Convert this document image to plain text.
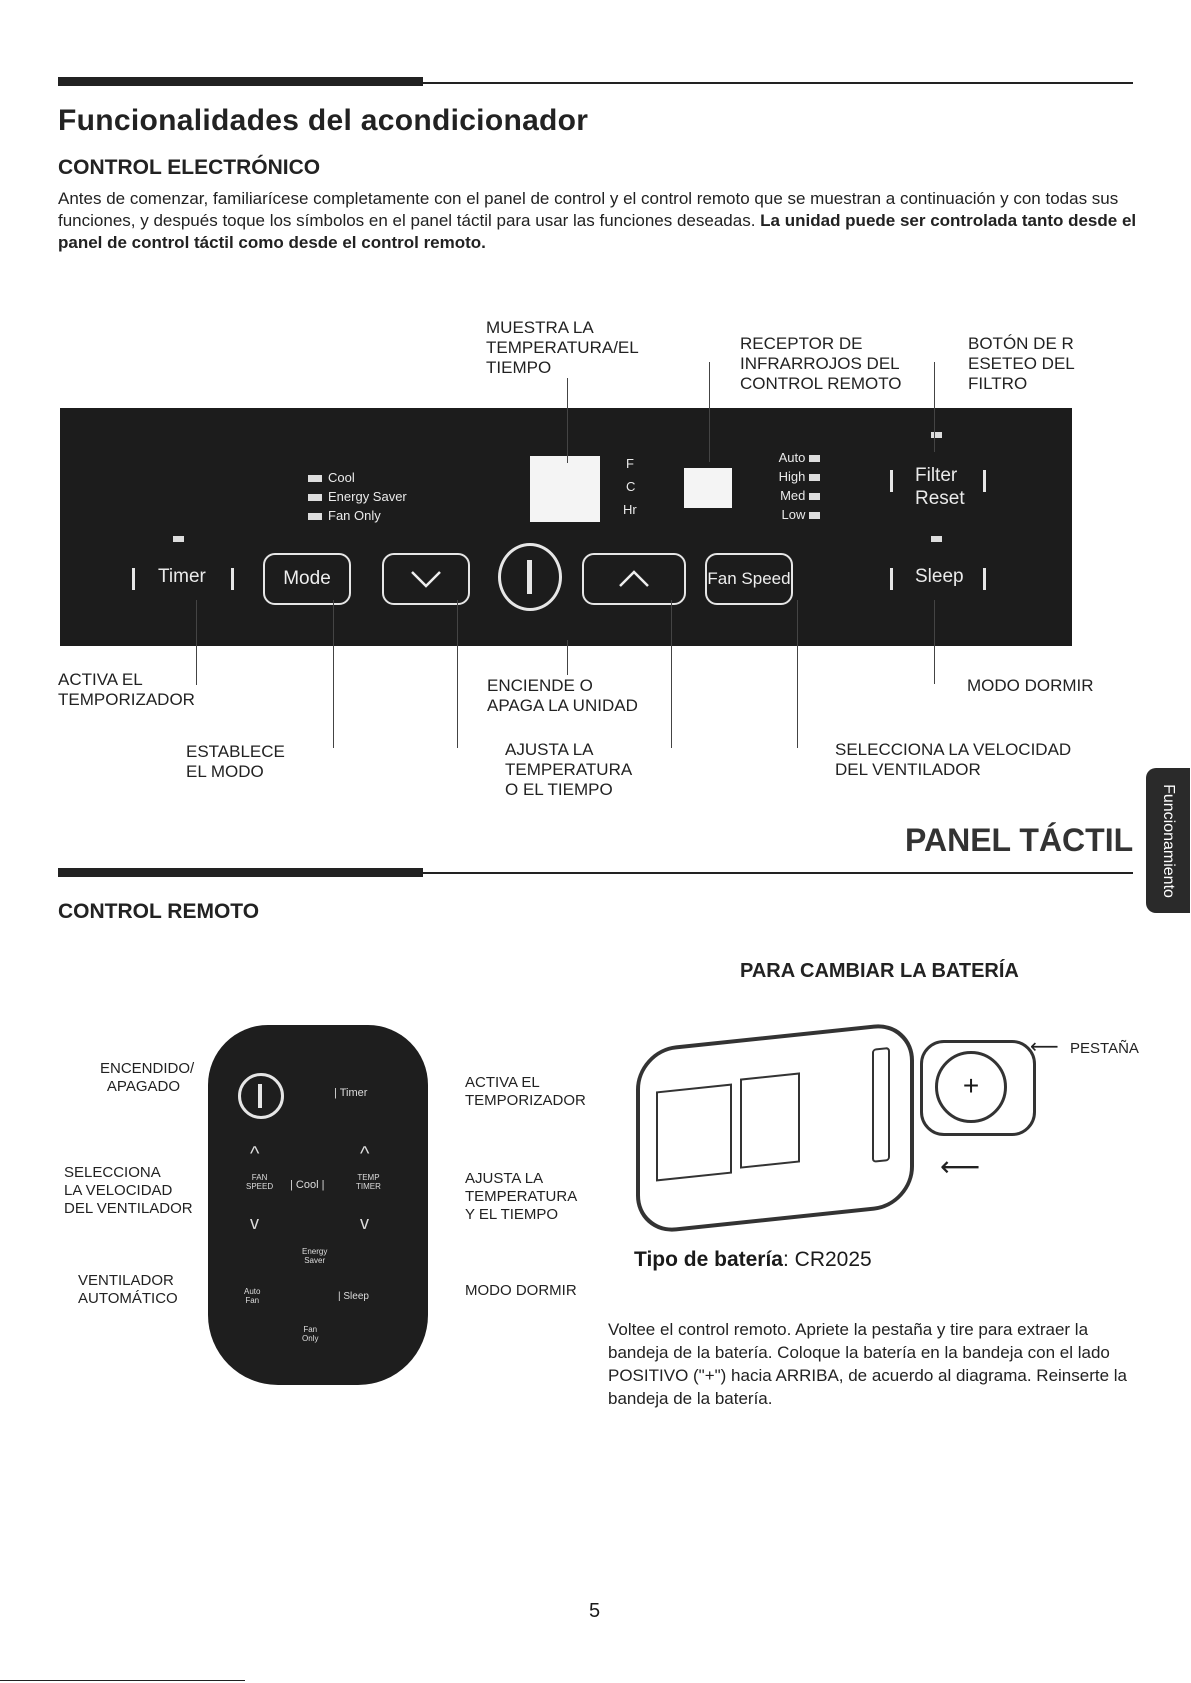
Funcionalidades del acondicionador
CONTROL ELECTRÓNICO
Antes de comenzar, familiarícese completamente con el panel de control y el control remoto que se muestran a continuación y con todas sus funciones, y después toque los símbolos en el panel táctil para usar las funciones deseadas. La unidad puede ser controlada tanto desde el panel de control táctil como desde el control remoto.
MUESTRA LA
TEMPERATURA/EL
TIEMPO
RECEPTOR DE
INFRARROJOS DEL
CONTROL REMOTO
BOTÓN DE R
ESETEO DEL
FILTRO
Cool
Energy Saver
Fan Only
F
C
Hr
Auto
High
Med
Low
Filter
Reset
Timer	Mode	Fan Speed	Sleep
ACTIVA EL
TEMPORIZADOR
ESTABLECE
EL MODO
ENCIENDE O
APAGA LA UNIDAD
AJUSTA LA
TEMPERATURA
O EL TIEMPO
SELECCIONA LA VELOCIDAD
DEL VENTILADOR
MODO DORMIR
PANEL TÁCTIL Funcionamiento
CONTROL REMOTO
| Timer
^	^
FAN
SPEED | Cool |
TEMP
TIMER
v	v
Energy
Saver
Auto
Fan	| Sleep
Fan
Only
ENCENDIDO/
APAGADO
SELECCIONA
LA VELOCIDAD
DEL VENTILADOR
VENTILADOR
AUTOMÁTICO
ACTIVA EL
TEMPORIZADOR
AJUSTA LA
TEMPERATURA
Y EL TIEMPO
MODO DORMIR
PARA CAMBIAR LA BATERÍA
+
⟵
⟵ PESTAÑA
Tipo de batería: CR2025
Voltee el control remoto. Apriete la pestaña y tire para extraer la bandeja de la batería. Coloque la batería en la bandeja con el lado POSITIVO ("+") hacia ARRIBA, de acuerdo al diagrama. Reinserte la bandeja de la batería.
5
